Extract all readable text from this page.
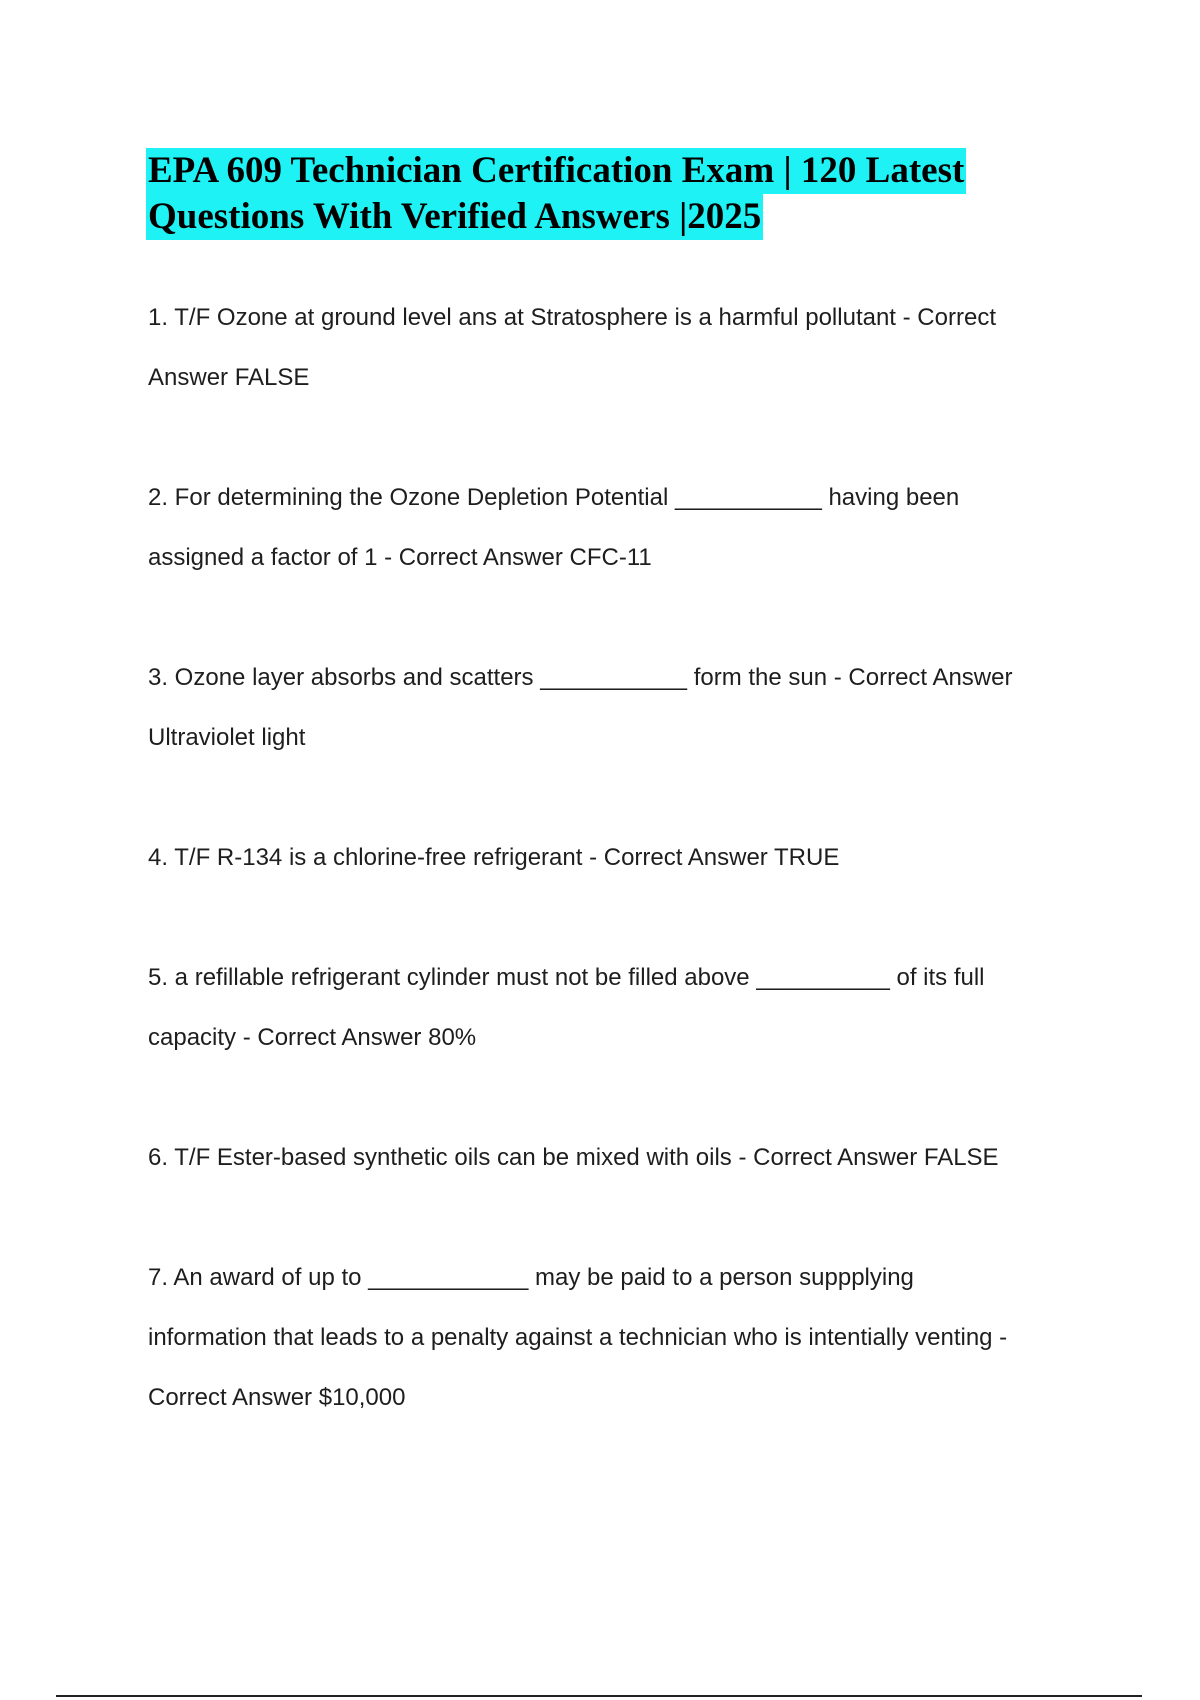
EPA 609 Technician Certification Exam | 120 Latest
Questions With Verified Answers |2025
1. T/F Ozone at ground level ans at Stratosphere is a harmful pollutant - Correct
Answer FALSE
2. For determining the Ozone Depletion Potential ___________ having been
assigned a factor of 1 - Correct Answer CFC-11
3. Ozone layer absorbs and scatters ___________ form the sun - Correct Answer
Ultraviolet light
4. T/F R-134 is a chlorine-free refrigerant - Correct Answer TRUE
5. a refillable refrigerant cylinder must not be filled above __________ of its full
capacity - Correct Answer 80%
6. T/F Ester-based synthetic oils can be mixed with oils - Correct Answer FALSE
7. An award of up to ____________ may be paid to a person suppplying
information that leads to a penalty against a technician who is intentially venting -
Correct Answer $10,000
